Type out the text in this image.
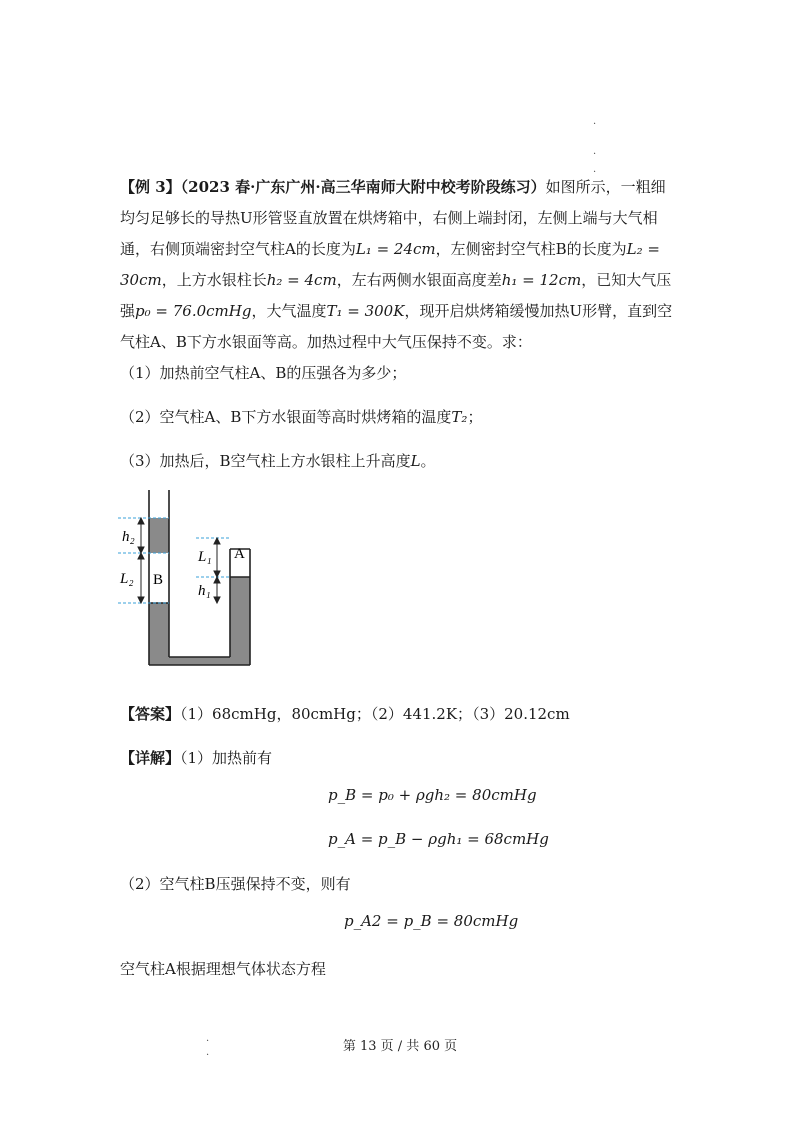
·
·
·
·
·

【例 3】（2023 春·广东广州·高三华南师大附中校考阶段练习）如图所示，一粗细均匀足够长的导热U形管竖直放置在烘烤箱中，右侧上端封闭，左侧上端与大气相通，右侧顶端密封空气柱A的长度为L₁ = 24cm，左侧密封空气柱B的长度为L₂ = 30cm，上方水银柱长h₂ = 4cm，左右两侧水银面高度差h₁ = 12cm，已知大气压强p₀ = 76.0cmHg，大气温度T₁ = 300K，现开启烘烤箱缓慢加热U形臂，直到空气柱A、B下方水银面等高。加热过程中大气压保持不变。求：

（1）加热前空气柱A、B的压强各为多少；
（2）空气柱A、B下方水银面等高时烘烤箱的温度T₂；
（3）加热后，B空气柱上方水银柱上升高度L。
h₂
L₂ B
L₁ A
h₁
【答案】（1）68cmHg，80cmHg；（2）441.2K；（3）20.12cm
【详解】（1）加热前有
p_B = p₀ + ρgh₂ = 80cmHg
p_A = p_B − ρgh₁ = 68cmHg
（2）空气柱B压强保持不变，则有
p_A2 = p_B = 80cmHg
空气柱A根据理想气体状态方程
第 13 页 / 共 60 页
